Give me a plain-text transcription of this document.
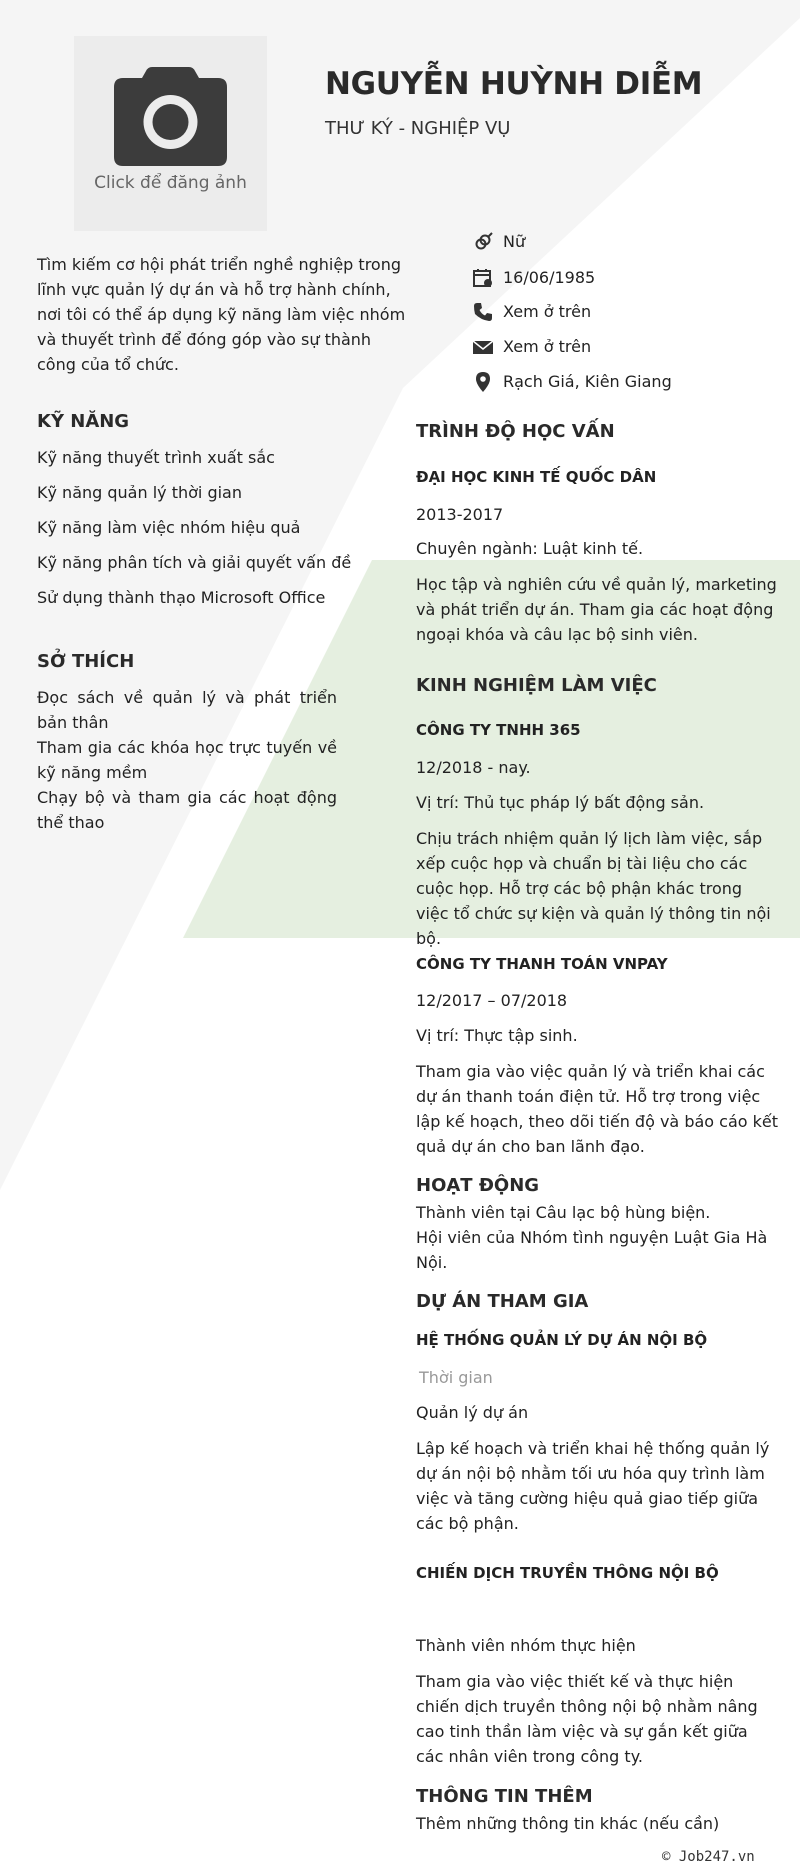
Click để đăng ảnh
NGUYỄN HUỲNH DIỄM
THƯ KÝ - NGHIỆP VỤ
Tìm kiếm cơ hội phát triển nghề nghiệp trong lĩnh vực quản lý dự án và hỗ trợ hành chính, nơi tôi có thể áp dụng kỹ năng làm việc nhóm và thuyết trình để đóng góp vào sự thành công của tổ chức.
Nữ
16/06/1985
Xem ở trên
Xem ở trên
Rạch Giá, Kiên Giang
KỸ NĂNG
Kỹ năng thuyết trình xuất sắc
Kỹ năng quản lý thời gian
Kỹ năng làm việc nhóm hiệu quả
Kỹ năng phân tích và giải quyết vấn đề
Sử dụng thành thạo Microsoft Office
SỞ THÍCH
Đọc sách về quản lý và phát triển bản thân
Tham gia các khóa học trực tuyến về kỹ năng mềm
Chạy bộ và tham gia các hoạt động thể thao
TRÌNH ĐỘ HỌC VẤN
ĐẠI HỌC KINH TẾ QUỐC DÂN
2013-2017
Chuyên ngành: Luật kinh tế.
Học tập và nghiên cứu về quản lý, marketing và phát triển dự án. Tham gia các hoạt động ngoại khóa và câu lạc bộ sinh viên.
KINH NGHIỆM LÀM VIỆC
CÔNG TY TNHH 365
12/2018 - nay.
Vị trí: Thủ tục pháp lý bất động sản.
Chịu trách nhiệm quản lý lịch làm việc, sắp xếp cuộc họp và chuẩn bị tài liệu cho các cuộc họp. Hỗ trợ các bộ phận khác trong việc tổ chức sự kiện và quản lý thông tin nội bộ.
CÔNG TY THANH TOÁN VNPAY
12/2017 – 07/2018
Vị trí: Thực tập sinh.
Tham gia vào việc quản lý và triển khai các dự án thanh toán điện tử. Hỗ trợ trong việc lập kế hoạch, theo dõi tiến độ và báo cáo kết quả dự án cho ban lãnh đạo.
HOẠT ĐỘNG
Thành viên tại Câu lạc bộ hùng biện.
Hội viên của Nhóm tình nguyện Luật Gia Hà Nội.
DỰ ÁN THAM GIA
HỆ THỐNG QUẢN LÝ DỰ ÁN NỘI BỘ
Thời gian
Quản lý dự án
Lập kế hoạch và triển khai hệ thống quản lý dự án nội bộ nhằm tối ưu hóa quy trình làm việc và tăng cường hiệu quả giao tiếp giữa các bộ phận.
CHIẾN DỊCH TRUYỀN THÔNG NỘI BỘ
Thành viên nhóm thực hiện
Tham gia vào việc thiết kế và thực hiện chiến dịch truyền thông nội bộ nhằm nâng cao tinh thần làm việc và sự gắn kết giữa các nhân viên trong công ty.
THÔNG TIN THÊM
Thêm những thông tin khác (nếu cần)
© Job247.vn
